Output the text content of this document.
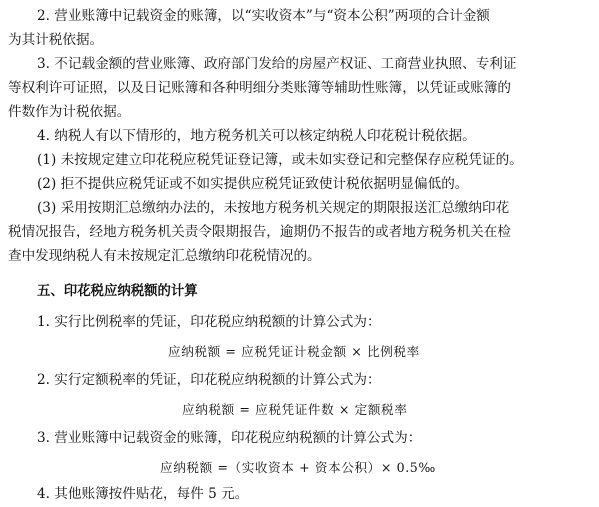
2. 营业账簿中记载资金的账簿，以“实收资本”与“资本公积”两项的合计金额
为其计税依据。
3. 不记载金额的营业账簿、政府部门发给的房屋产权证、工商营业执照、专利证
等权利许可证照，以及日记账簿和各种明细分类账簿等辅助性账簿，以凭证或账簿的
件数作为计税依据。
4. 纳税人有以下情形的，地方税务机关可以核定纳税人印花税计税依据。
(1) 未按规定建立印花税应税凭证登记簿，或未如实登记和完整保存应税凭证的。
(2) 拒不提供应税凭证或不如实提供应税凭证致使计税依据明显偏低的。
(3) 采用按期汇总缴纳办法的，未按地方税务机关规定的期限报送汇总缴纳印花
税情况报告，经地方税务机关责令限期报告，逾期仍不报告的或者地方税务机关在检
查中发现纳税人有未按规定汇总缴纳印花税情况的。
五、印花税应纳税额的计算
1. 实行比例税率的凭证，印花税应纳税额的计算公式为：
应纳税额 = 应税凭证计税金额 × 比例税率
2. 实行定额税率的凭证，印花税应纳税额的计算公式为：
应纳税额 = 应税凭证件数 × 定额税率
3. 营业账簿中记载资金的账簿，印花税应纳税额的计算公式为：
应纳税额 =（实收资本 + 资本公积）× 0.5‰
4. 其他账簿按件贴花，每件 5 元。
